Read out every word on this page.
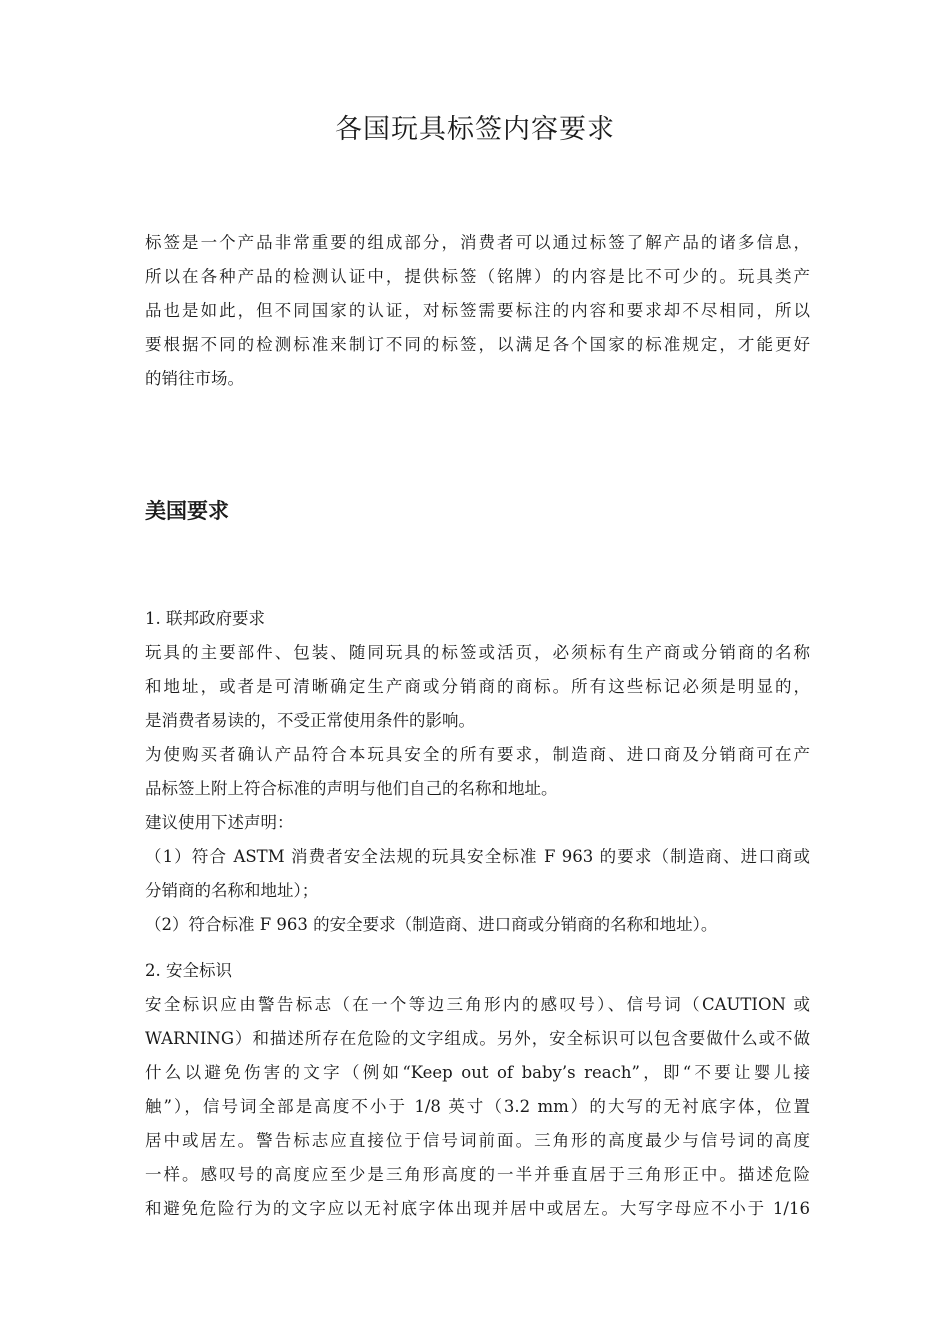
各国玩具标签内容要求

标签是一个产品非常重要的组成部分，消费者可以通过标签了解产品的诸多信息，

所以在各种产品的检测认证中，提供标签（铭牌）的内容是比不可少的。玩具类产

品也是如此，但不同国家的认证，对标签需要标注的内容和要求却不尽相同，所以

要根据不同的检测标准来制订不同的标签，以满足各个国家的标准规定，才能更好

的销往市场。

美国要求

1. 联邦政府要求

玩具的主要部件、包装、随同玩具的标签或活页，必须标有生产商或分销商的名称

和地址，或者是可清晰确定生产商或分销商的商标。所有这些标记必须是明显的，

是消费者易读的，不受正常使用条件的影响。

为使购买者确认产品符合本玩具安全的所有要求，制造商、进口商及分销商可在产

品标签上附上符合标准的声明与他们自己的名称和地址。

建议使用下述声明：

（1）符合 ASTM 消费者安全法规的玩具安全标准 F 963 的要求（制造商、进口商或

分销商的名称和地址）；

（2）符合标准 F 963 的安全要求（制造商、进口商或分销商的名称和地址）。

2. 安全标识

安全标识应由警告标志（在一个等边三角形内的感叹号）、信号词（CAUTION 或

WARNING）和描述所存在危险的文字组成。另外，安全标识可以包含要做什么或不做

什么以避免伤害的文字（例如“Keep out of baby’s reach”，即“不要让婴儿接

触”），信号词全部是高度不小于 1/8 英寸（3.2 mm）的大写的无衬底字体，位置

居中或居左。警告标志应直接位于信号词前面。三角形的高度最少与信号词的高度

一样。感叹号的高度应至少是三角形高度的一半并垂直居于三角形正中。描述危险

和避免危险行为的文字应以无衬底字体出现并居中或居左。大写字母应不小于 1/16
